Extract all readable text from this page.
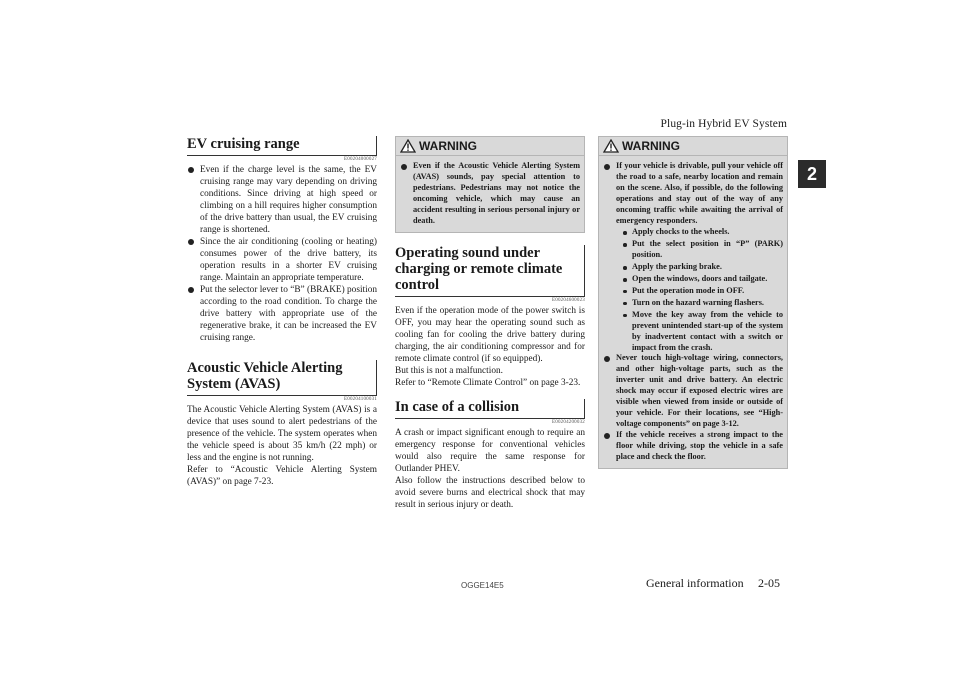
Plug-in Hybrid EV System
2
EV cruising range
E00204000027
Even if the charge level is the same, the EV cruising range may vary depending on driving conditions. Since driving at high speed or climbing on a hill requires higher consumption of the drive battery than usual, the EV cruising range is shortened.
Since the air conditioning (cooling or heating) consumes power of the drive battery, its operation results in a shorter EV cruising range. Maintain an appropriate temperature.
Put the selector lever to “B” (BRAKE) position according to the road condition. To charge the drive battery with appropriate use of the regenerative brake, it can be increased the EV cruising range.
Acoustic Vehicle Alerting System (AVAS)
E00204100031

The Acoustic Vehicle Alerting System (AVAS) is a device that uses sound to alert pedestrians of the presence of the vehicle. The system operates when the vehicle speed is about 35 km/h (22 mph) or less and the engine is not running.

Refer to “Acoustic Vehicle Alerting System (AVAS)” on page 7-23.

WARNING
Even if the Acoustic Vehicle Alerting System (AVAS) sounds, pay special attention to pedestrians. Pedestrians may not notice the oncoming vehicle, which may cause an accident resulting in serious personal injury or death.
Operating sound under charging or remote climate control
E00204600023

Even if the operation mode of the power switch is OFF, you may hear the operating sound such as cooling fan for cooling the drive battery during charging, the air conditioning compressor and for remote climate control (if so equipped).

But this is not a malfunction.

Refer to “Remote Climate Control” on page 3-23.

In case of a collision
E00204200032

A crash or impact significant enough to require an emergency response for conventional vehicles would also require the same response for Outlander PHEV.

Also follow the instructions described below to avoid severe burns and electrical shock that may result in serious injury or death.

WARNING
If your vehicle is drivable, pull your vehicle off the road to a safe, nearby location and remain on the scene. Also, if possible, do the following operations and stay out of the way of any oncoming traffic while awaiting the arrival of emergency responders.
Apply chocks to the wheels.
Put the select position in “P” (PARK) position.
Apply the parking brake.
Open the windows, doors and tailgate.
Put the operation mode in OFF.
Turn on the hazard warning flashers.
Move the key away from the vehicle to prevent unintended start-up of the system by inadvertent contact with a switch or impact from the crash.
Never touch high-voltage wiring, connectors, and other high-voltage parts, such as the inverter unit and drive battery. An electric shock may occur if exposed electric wires are visible when viewed from inside or outside of your vehicle. For their locations, see “High-voltage components” on page 3-12.
If the vehicle receives a strong impact to the floor while driving, stop the vehicle in a safe place and check the floor.
OGGE14E5	General information 2-05
